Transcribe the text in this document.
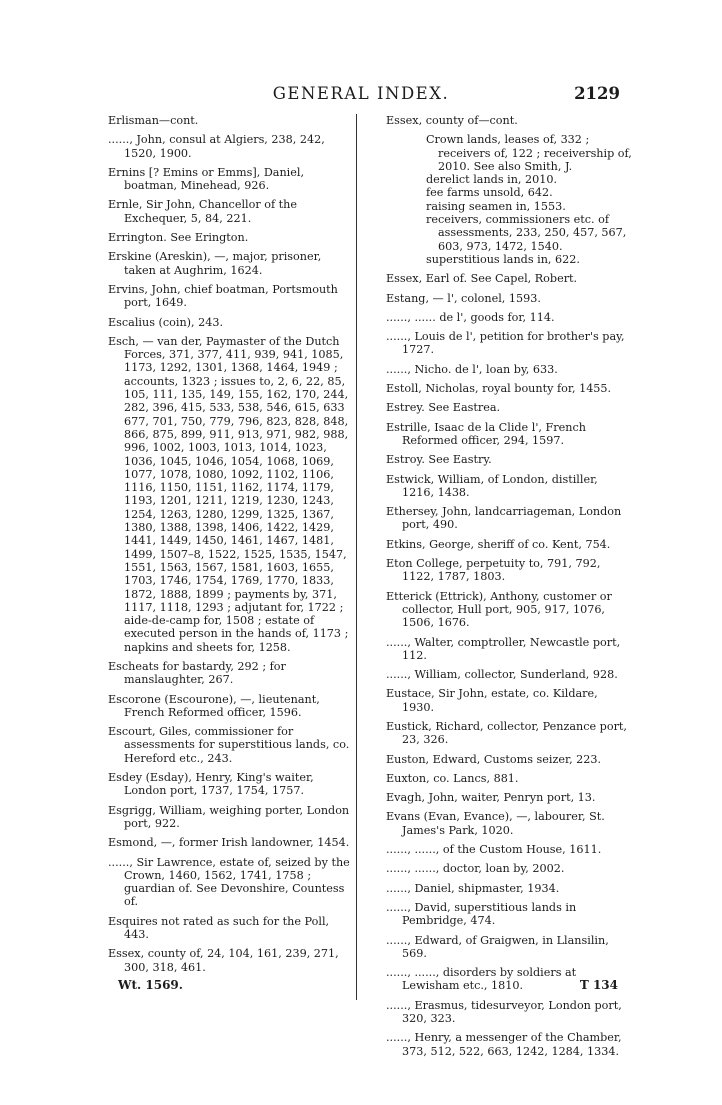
GENERAL INDEX.	2129
Erlisman—cont.
......, John, consul at Algiers, 238, 242, 1520, 1900.
Ernins [? Emins or Emms], Daniel, boatman, Minehead, 926.
Ernle, Sir John, Chancellor of the Exchequer, 5, 84, 221.
Errington. See Erington.
Erskine (Areskin), —, major, prisoner, taken at Aughrim, 1624.
Ervins, John, chief boatman, Portsmouth port, 1649.
Escalius (coin), 243.
Esch, — van der, Paymaster of the Dutch Forces, 371, 377, 411, 939, 941, 1085, 1173, 1292, 1301, 1368, 1464, 1949 ; accounts, 1323 ; issues to, 2, 6, 22, 85, 105, 111, 135, 149, 155, 162, 170, 244, 282, 396, 415, 533, 538, 546, 615, 633 677, 701, 750, 779, 796, 823, 828, 848, 866, 875, 899, 911, 913, 971, 982, 988, 996, 1002, 1003, 1013, 1014, 1023, 1036, 1045, 1046, 1054, 1068, 1069, 1077, 1078, 1080, 1092, 1102, 1106, 1116, 1150, 1151, 1162, 1174, 1179, 1193, 1201, 1211, 1219, 1230, 1243, 1254, 1263, 1280, 1299, 1325, 1367, 1380, 1388, 1398, 1406, 1422, 1429, 1441, 1449, 1450, 1461, 1467, 1481, 1499, 1507–8, 1522, 1525, 1535, 1547, 1551, 1563, 1567, 1581, 1603, 1655, 1703, 1746, 1754, 1769, 1770, 1833, 1872, 1888, 1899 ; payments by, 371, 1117, 1118, 1293 ; adjutant for, 1722 ; aide-de-camp for, 1508 ; estate of executed person in the hands of, 1173 ; napkins and sheets for, 1258.
Escheats for bastardy, 292 ; for manslaughter, 267.
Escorone (Escourone), —, lieutenant, French Reformed officer, 1596.
Escourt, Giles, commissioner for assessments for superstitious lands, co. Hereford etc., 243.
Esdey (Esday), Henry, King's waiter, London port, 1737, 1754, 1757.
Esgrigg, William, weighing porter, London port, 922.
Esmond, —, former Irish landowner, 1454.
......, Sir Lawrence, estate of, seized by the Crown, 1460, 1562, 1741, 1758 ; guardian of. See Devonshire, Countess of.
Esquires not rated as such for the Poll, 443.
Essex, county of, 24, 104, 161, 239, 271, 300, 318, 461.
Essex, county of—cont.
Crown lands, leases of, 332 ; receivers of, 122 ; receivership of, 2010. See also Smith, J.
derelict lands in, 2010.
fee farms unsold, 642.
raising seamen in, 1553.
receivers, commissioners etc. of assessments, 233, 250, 457, 567, 603, 973, 1472, 1540.
superstitious lands in, 622.
Essex, Earl of. See Capel, Robert.
Estang, — l', colonel, 1593.
......, ...... de l', goods for, 114.
......, Louis de l', petition for brother's pay, 1727.
......, Nicho. de l', loan by, 633.
Estoll, Nicholas, royal bounty for, 1455.
Estrey. See Eastrea.
Estrille, Isaac de la Clide l', French Reformed officer, 294, 1597.
Estroy. See Eastry.
Estwick, William, of London, distiller, 1216, 1438.
Ethersey, John, landcarriageman, London port, 490.
Etkins, George, sheriff of co. Kent, 754.
Eton College, perpetuity to, 791, 792, 1122, 1787, 1803.
Etterick (Ettrick), Anthony, customer or collector, Hull port, 905, 917, 1076, 1506, 1676.
......, Walter, comptroller, Newcastle port, 112.
......, William, collector, Sunderland, 928.
Eustace, Sir John, estate, co. Kildare, 1930.
Eustick, Richard, collector, Penzance port, 23, 326.
Euston, Edward, Customs seizer, 223.
Euxton, co. Lancs, 881.
Evagh, John, waiter, Penryn port, 13.
Evans (Evan, Evance), —, labourer, St. James's Park, 1020.
......, ......, of the Custom House, 1611.
......, ......, doctor, loan by, 2002.
......, Daniel, shipmaster, 1934.
......, David, superstitious lands in Pembridge, 474.
......, Edward, of Graigwen, in Llansilin, 569.
......, ......, disorders by soldiers at Lewisham etc., 1810.
......, Erasmus, tidesurveyor, London port, 320, 323.
......, Henry, a messenger of the Chamber, 373, 512, 522, 663, 1242, 1284, 1334.
Wt. 1569.	T 134
